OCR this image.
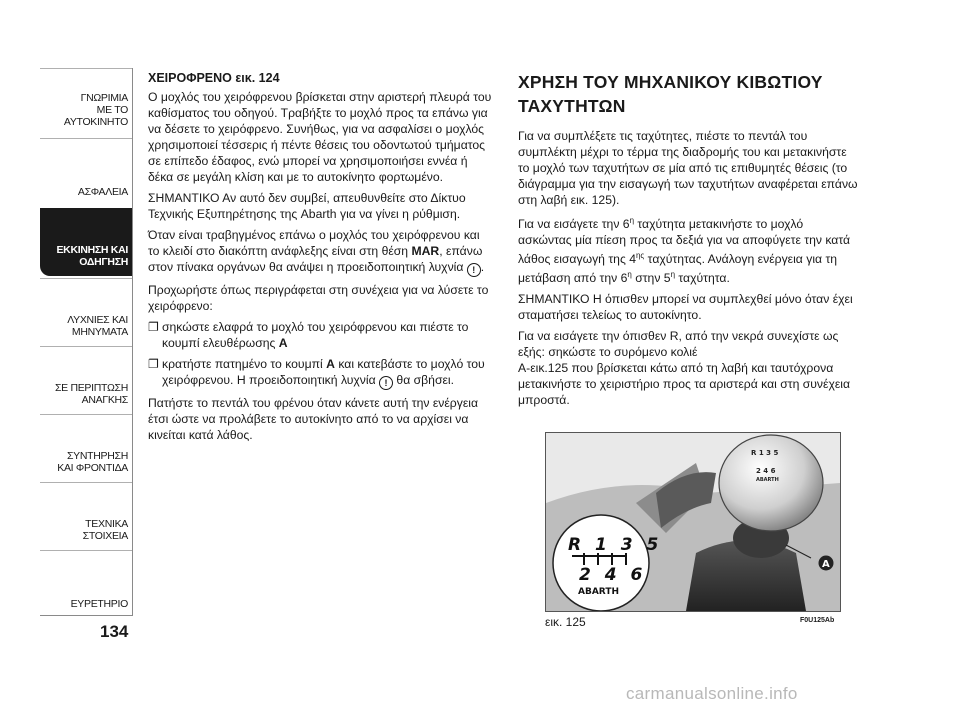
ΓΝΩΡΙΜΙΑ
ΜΕ ΤΟ
ΑΥΤΟΚΙΝΗΤΟ
ΑΣΦΑΛΕΙΑ
ΕΚΚΙΝΗΣΗ ΚΑΙ
ΟΔΗΓΗΣΗ
ΛΥΧΝΙΕΣ ΚΑΙ
ΜΗΝΥΜΑΤΑ
ΣΕ ΠΕΡΙΠΤΩΣΗ
ΑΝΑΓΚΗΣ
ΣΥΝΤΗΡΗΣΗ
ΚΑΙ ΦΡΟΝΤΙΔΑ
ΤΕΧΝΙΚΑ
ΣΤΟΙΧΕΙΑ
ΕΥΡΕΤΗΡΙΟ
134

ΧΕΙΡΟΦΡΕΝΟ εικ. 124

Ο μοχλός του χειρόφρενου βρίσκεται στην αριστερή πλευρά του καθίσματος του οδηγού. Τραβήξτε το μοχλό προς τα επάνω για να δέσετε το χειρόφρενο. Συνήθως, για να ασφαλίσει ο μοχλός χρησιμοποιεί τέσσερις ή πέντε θέσεις του οδοντωτού τμήματος σε επίπεδο έδαφος, ενώ μπορεί να χρησιμοποιήσει εννέα ή δέκα σε μεγάλη κλίση και με το αυτοκίνητο φορτωμένο.

ΣΗΜΑΝΤΙΚΟ Αν αυτό δεν συμβεί, απευθυνθείτε στο Δίκτυο Τεχνικής Εξυπηρέτησης της Abarth για να γίνει η ρύθμιση.

Όταν είναι τραβηγμένος επάνω ο μοχλός του χειρόφρενου και το κλειδί στο διακόπτη ανάφλεξης είναι στη θέση MAR, επάνω στον πίνακα οργάνων θα ανάψει η προειδοποιητική λυχνία ! .

Προχωρήστε όπως περιγράφεται στη συνέχεια για να λύσετε το χειρόφρενο:

❐ σηκώστε ελαφρά το μοχλό του χειρόφρενου και πιέστε το κουμπί ελευθέρωσης A
❐ κρατήστε πατημένο το κουμπί A και κατεβάστε το μοχλό του χειρόφρενου. Η προειδοποιητική λυχνία ! θα σβήσει.

Πατήστε το πεντάλ του φρένου όταν κάνετε αυτή την ενέργεια έτσι ώστε να προλάβετε το αυτοκίνητο από το να αρχίσει να κινείται κατά λάθος.

ΧΡΗΣΗ ΤΟΥ ΜΗΧΑΝΙΚΟΥ ΚΙΒΩΤΙΟΥ ΤΑΧΥΤΗΤΩΝ

Για να συμπλέξετε τις ταχύτητες, πιέστε το πεντάλ του συμπλέκτη μέχρι το τέρμα της διαδρομής του και μετακινήστε το μοχλό των ταχυτήτων σε μία από τις επιθυμητές θέσεις (το διάγραμμα για την εισαγωγή των ταχυτήτων αναφέρεται επάνω στη λαβή εικ. 125).

Για να εισάγετε την $6^\eta$ ταχύτητα μετακινήστε το μοχλό ασκώντας μία πίεση προς τα δεξιά για να αποφύγετε την κατά λάθος εισαγωγή της $4^{\eta\varsigma}$ ταχύτητας. Ανάλογη ενέργεια για τη μετάβαση από την $6^\eta$ στην $5^\eta$ ταχύτητα.

ΣΗΜΑΝΤΙΚΟ Η όπισθεν μπορεί να συμπλεχθεί μόνο όταν έχει σταματήσει τελείως το αυτοκίνητο.

Για να εισάγετε την όπισθεν R, από την νεκρά συνεχίστε ως εξής: σηκώστε το συρόμενο κολιέ
A-εικ.125 που βρίσκεται κάτω από τη λαβή και ταυτόχρονα μετακινήστε το χειριστήριο προς τα αριστερά και στη συνέχεια μπροστά.

R 1 3 5
2 4 6
ABARTH
R 1 3 5
2 4 6
ABARTH
A
εικ. 125	F0U125Ab
carmanualsonline.info
